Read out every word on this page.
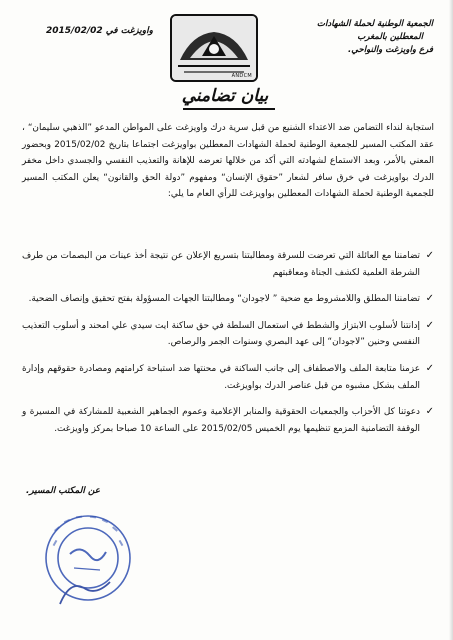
الجمعية الوطنية لحملة الشهادات
المعطلين بالمغرب
فرع واويزغت والنواحي.
واويزغت في 2015/02/02
ANDCM
بيان تضامني

استجابة لنداء التضامن ضد الاعتداء الشنيع من قبل سرية درك واويزغت على المواطن المدعو ”الذهبي سليمان“ ، عقد المكتب المسير للجمعية الوطنية لحملة الشهادات المعطلين بواويزغت اجتماعا بتاريخ 2015/02/02 وبحضور المعني بالأمر، وبعد الاستماع لشهادته التي أكد من خلالها تعرضه للإهانة والتعذيب النفسي والجسدي داخل مخفر الدرك بواويزغت في خرق سافر لشعار ”حقوق الإنسان“ ومفهوم ”دولة الحق والقانون“ يعلن المكتب المسير للجمعية الوطنية لحملة الشهادات المعطلين بواويزغت للرأي العام ما يلي:

✓
تضامننا مع العائلة التي تعرضت للسرقة ومطالبتنا بتسريع الإعلان عن نتيجة أخذ عينات من البصمات من طرف الشرطة العلمية لكشف الجناة ومعاقبتهم
✓
تضامننا المطلق واللامشروط مع ضحية ” لاجودان“ ومطالبتنا الجهات المسؤولة بفتح تحقيق وإنصاف الضحية.
✓
إدانتنا لأسلوب الابتزاز والشطط في استعمال السلطة في حق ساكنة ايت سيدي علي امحند و أسلوب التعذيب النفسي وحنين ”لاجودان“ إلى عهد البصري وسنوات الجمر والرصاص.
✓
عزمنا متابعة الملف والاصطفاف إلى جانب الساكنة في محنتها ضد استباحة كرامتهم ومصادرة حقوقهم وإدارة الملف بشكل مشبوه من قبل عناصر الدرك بواويزغت.
✓
دعوتنا كل الأحزاب والجمعيات الحقوقية والمنابر الإعلامية وعموم الجماهير الشعبية للمشاركة في المسيرة و الوقفة التضامنية المزمع تنظيمها يوم الخميس 2015/02/05 على الساعة 10 صباحا بمركز واويزغت.
عن المكتب المسير.
